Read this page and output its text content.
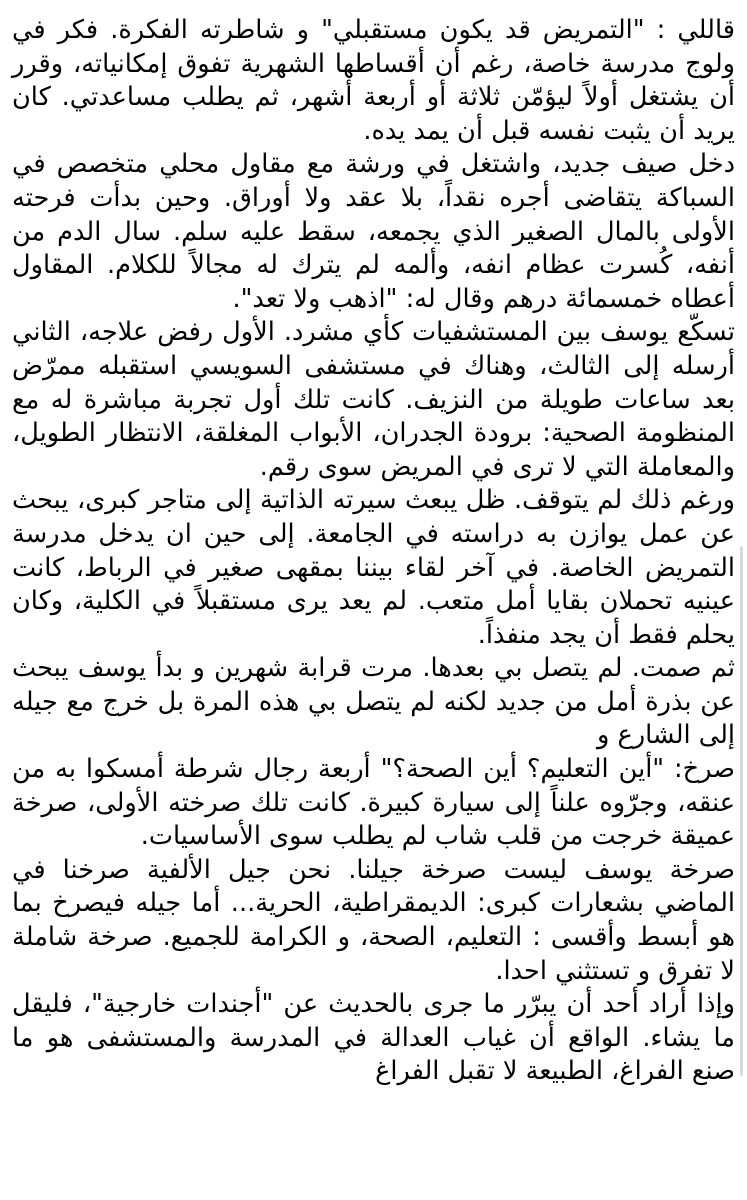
قاللي : "التمريض قد يكون مستقبلي" و شاطرته الفكرة. فكر في ولوج مدرسة خاصة، رغم أن أقساطها الشهرية تفوق إمكانياته، وقرر أن يشتغل أولاً ليؤمّن ثلاثة أو أربعة أشهر، ثم يطلب مساعدتي. كان يريد أن يثبت نفسه قبل أن يمد يده.

دخل صيف جديد، واشتغل في ورشة مع مقاول محلي متخصص في السباكة يتقاضى أجره نقداً، بلا عقد ولا أوراق. وحين بدأت فرحته الأولى بالمال الصغير الذي يجمعه، سقط عليه سلم. سال الدم من أنفه، كُسرت عظام انفه، وألمه لم يترك له مجالاً للكلام. المقاول أعطاه خمسمائة درهم وقال له: "اذهب ولا تعد".

تسكّع يوسف بين المستشفيات كأي مشرد. الأول رفض علاجه، الثاني أرسله إلى الثالث، وهناك في مستشفى السويسي استقبله ممرّض بعد ساعات طويلة من النزيف. كانت تلك أول تجربة مباشرة له مع المنظومة الصحية: برودة الجدران، الأبواب المغلقة، الانتظار الطويل، والمعاملة التي لا ترى في المريض سوى رقم.

ورغم ذلك لم يتوقف. ظل يبعث سيرته الذاتية إلى متاجر كبرى، يبحث عن عمل يوازن به دراسته في الجامعة. إلى حين ان يدخل مدرسة التمريض الخاصة. في آخر لقاء بيننا بمقهى صغير في الرباط، كانت عينيه تحملان بقايا أمل متعب. لم يعد يرى مستقبلاً في الكلية، وكان يحلم فقط أن يجد منفذاً.

ثم صمت. لم يتصل بي بعدها. مرت قرابة شهرين و بدأ يوسف يبحث عن بذرة أمل من جديد لكنه لم يتصل بي هذه المرة بل خرج مع جيله إلى الشارع و

صرخ: "أين التعليم؟ أين الصحة؟" أربعة رجال شرطة أمسكوا به من عنقه، وجرّوه علناً إلى سيارة كبيرة. كانت تلك صرخته الأولى، صرخة عميقة خرجت من قلب شاب لم يطلب سوى الأساسيات.

صرخة يوسف ليست صرخة جيلنا. نحن جيل الألفية صرخنا في الماضي بشعارات كبرى: الديمقراطية، الحرية... أما جيله فيصرخ بما هو أبسط وأقسى : التعليم، الصحة، و الكرامة للجميع. صرخة شاملة لا تفرق و تستثني احدا.

وإذا أراد أحد أن يبرّر ما جرى بالحديث عن "أجندات خارجية"، فليقل ما يشاء. الواقع أن غياب العدالة في المدرسة والمستشفى هو ما صنع الفراغ، الطبيعة لا تقبل الفراغ
